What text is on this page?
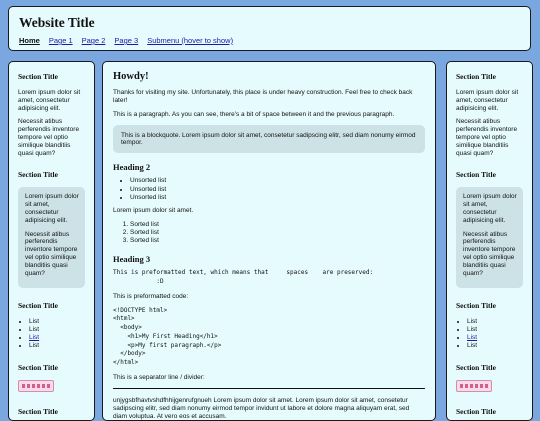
Website Title
Home Page 1 Page 2 Page 3 Submenu (hover to show)
Section Title

Lorem ipsum dolor sit amet, consectetur adipisicing elit.

Necessit atibus perferendis inventore tempore vel optio similique blanditiis quasi quam?

Section Title

Lorem ipsum dolor sit amet, consectetur adipisicing elit.

Necessit atibus perferendis inventore tempore vel optio similique blanditiis quasi quam?

Section Title
• List
• List
• List
• List
Section Title
Section Title
Howdy!

Thanks for visiting my site. Unfortunately, this place is under heavy construction. Feel free to check back later!

This is a paragraph. As you can see, there's a bit of space between it and the previous paragraph.

This is a blockquote. Lorem ipsum dolor sit amet, consetetur sadipscing elitr, sed diam nonumy eirmod tempor.
Heading 2
• Unsorted list
• Unsorted list
• Unsorted list

Lorem ipsum dolor sit amet.

1. Sorted list
2. Sorted list
3. Sorted list
Heading 3
This is preformatted text, which means that     spaces    are preserved:
:D

This is preformatted code:

<!DOCTYPE html>
<html>
<body>
<h1>My First Heading</h1>
<p>My first paragraph.</p>
</body>
</html>

This is a separator line / divider:

unjygsbfhavtvshdfhhijgenrufgnueh Lorem ipsum dolor sit amet. Lorem ipsum dolor sit amet, consetetur sadipscing elitr, sed diam nonumy eirmod tempor invidunt ut labore et dolore magna aliquyam erat, sed diam voluptua. At vero eos et accusam.

Section Title

Lorem ipsum dolor sit amet, consectetur adipisicing elit.

Necessit atibus perferendis inventore tempore vel optio similique blanditiis quasi quam?

Section Title

Lorem ipsum dolor sit amet, consectetur adipisicing elit.

Necessit atibus perferendis inventore tempore vel optio similique blanditiis quasi quam?

Section Title
• List
• List
• List
• List
Section Title
Section Title
